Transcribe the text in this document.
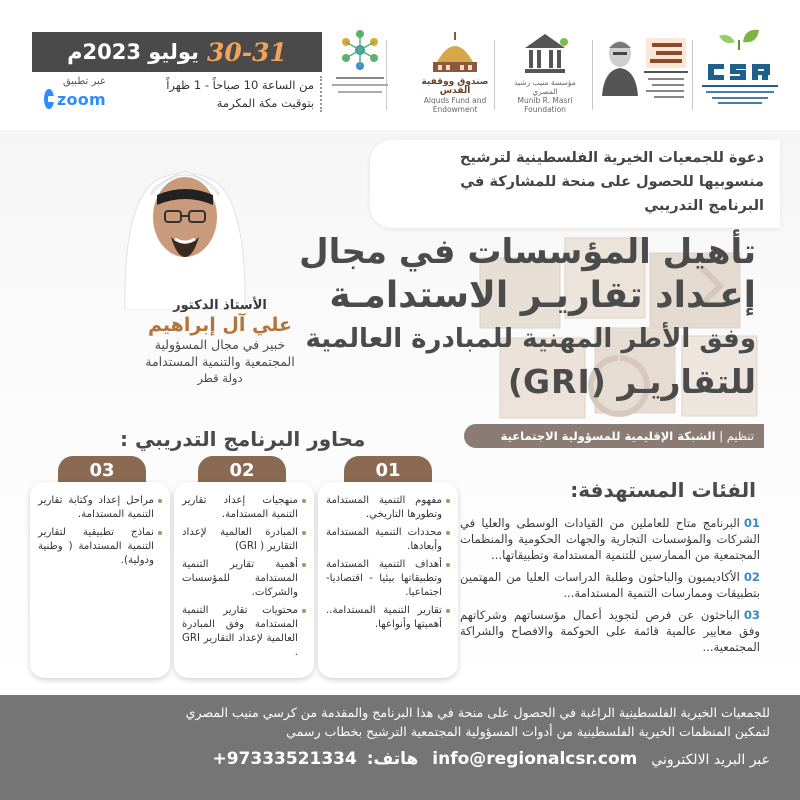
30-31
يوليو 2023م
عبر تطبيق
zoom
من الساعة 10 صباحاً - 1 ظهراً
بتوقيت مكة المكرمة
صندوق ووقفية القدس
Alquds Fund and Endowment
مؤسسة منيب رشيد المصري
Munib R. Masri Foundation
دعوة للجمعيات الخيرية الفلسطينية لترشيح
منسوبيها للحصول على منحة للمشاركة في
البرنامج التدريبي
تأهيل المؤسسات في مجال
إعـداد تقاريـر الاستدامـة
وفق الأطر المهنية للمبادرة العالمية
للتقاريـر (GRI)
تنظيم | الشبكة الإقليمية للمسؤولية الاجتماعية
الأستاذ الدكتور
علي آل إبراهيم
خبير في مجال المسؤولية
المجتمعية والتنمية المستدامة
دولة قطر
محاور البرنامج التدريبي :
01
02
03
مفهوم التنمية المستدامة وتطورها التاريخي.
محددات التنمية المستدامة وأبعادها.
أهداف التنمية المستدامة وتطبيقاتها بيئيا - اقتصاديا- اجتماعيا.
تقارير التنمية المستدامة.. أهميتها وأنواعها.
منهجيات إعداد تقارير التنمية المستدامة.
المبادرة العالمية لإعداد التقارير ( GRI)
أهمية تقارير التنمية المستدامة للمؤسسات والشركات.
محتويات تقارير التنمية المستدامة وفق المبادرة العالمية لإعداد التقارير GRI .
مراحل إعداد وكتابة تقارير التنمية المستدامة.
نماذج تطبيقية لتقارير التنمية المستدامة ( وطنية ودولية).
الفئات المستهدفة:
01البرنامج متاح للعاملين من القيادات الوسطى والعليا في الشركات والمؤسسات التجارية والجهات الحكومية والمنظمات المجتمعية من الممارسين للتنمية المستدامة وتطبيقاتها...
02الأكاديميون والباحثون وطلبة الدراسات العليا من المهتمين بتطبيقات وممارسات التنمية المستدامة...
03الباحثون عن فرص لتجويد أعمال مؤسساتهم وشركاتهم وفق معايير عالمية قائمة على الحوكمة والافصاح والشراكة المجتمعية...
للجمعيات الخيرية الفلسطينية الراغبة في الحصول على منحة في هذا البرنامج والمقدمة من كرسي منيب المصري
لتمكين المنظمات الخيرية الفلسطينية من أدوات المسؤولية المجتمعية الترشيح بخطاب رسمي
عبر البريد الالكتروني info@regionalcsr.com هاتف: +97333521334
